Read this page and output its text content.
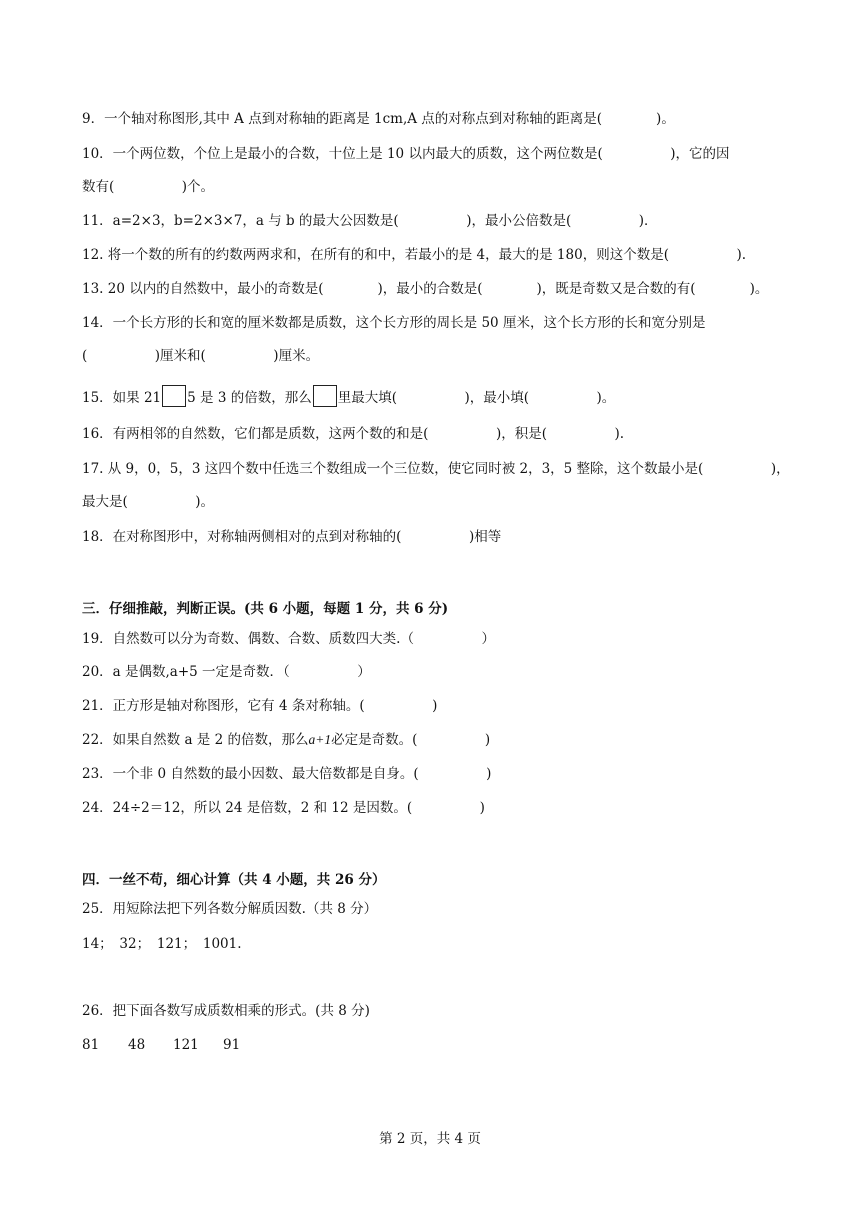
9．一个轴对称图形,其中 A 点到对称轴的距离是 1cm,A 点的对称点到对称轴的距离是(　　　　)。
10．一个两位数，个位上是最小的合数，十位上是 10 以内最大的质数，这个两位数是(　　　　　)，它的因
数有(　　　　　)个。
11．a=2×3，b=2×3×7，a 与 b 的最大公因数是(　　　　　)，最小公倍数是(　　　　　)．
12. 将一个数的所有的约数两两求和，在所有的和中，若最小的是 4，最大的是 180，则这个数是(　　　　　).
13. 20 以内的自然数中，最小的奇数是(　　　　)，最小的合数是(　　　　)，既是奇数又是合数的有(　　　　)。
14．一个长方形的长和宽的厘米数都是质数，这个长方形的周长是 50 厘米，这个长方形的长和宽分别是
(　　　　　)厘米和(　　　　　)厘米。
15．如果 21 5 是 3 的倍数，那么 里最大填(　　　　　)，最小填(　　　　　)。
16．有两相邻的自然数，它们都是质数，这两个数的和是(　　　　　)，积是(　　　　　).
17. 从 9，0，5，3 这四个数中任选三个数组成一个三位数，使它同时被 2，3，5 整除，这个数最小是(　　　　　)，
最大是(　　　　　)。
18．在对称图形中，对称轴两侧相对的点到对称轴的(　　　　　)相等
三．仔细推敲，判断正误。(共 6 小题，每题 1 分，共 6 分)
19．自然数可以分为奇数、偶数、合数、质数四大类.（　　　　　）
20．a 是偶数,a+5 一定是奇数．（　　　　　）
21．正方形是轴对称图形，它有 4 条对称轴。(　　　　　)
22．如果自然数 a 是 2 的倍数，那么a+1必定是奇数。(　　　　　)
23．一个非 0 自然数的最小因数、最大倍数都是自身。(　　　　　)
24．24÷2＝12，所以 24 是倍数，2 和 12 是因数。(　　　　　)
四．一丝不苟，细心计算（共 4 小题，共 26 分）
25．用短除法把下列各数分解质因数.（共 8 分）
14；　32；　121；　1001.
26．把下面各数写成质数相乘的形式。(共 8 分)
81 48 121 91
第 2 页，共 4 页
